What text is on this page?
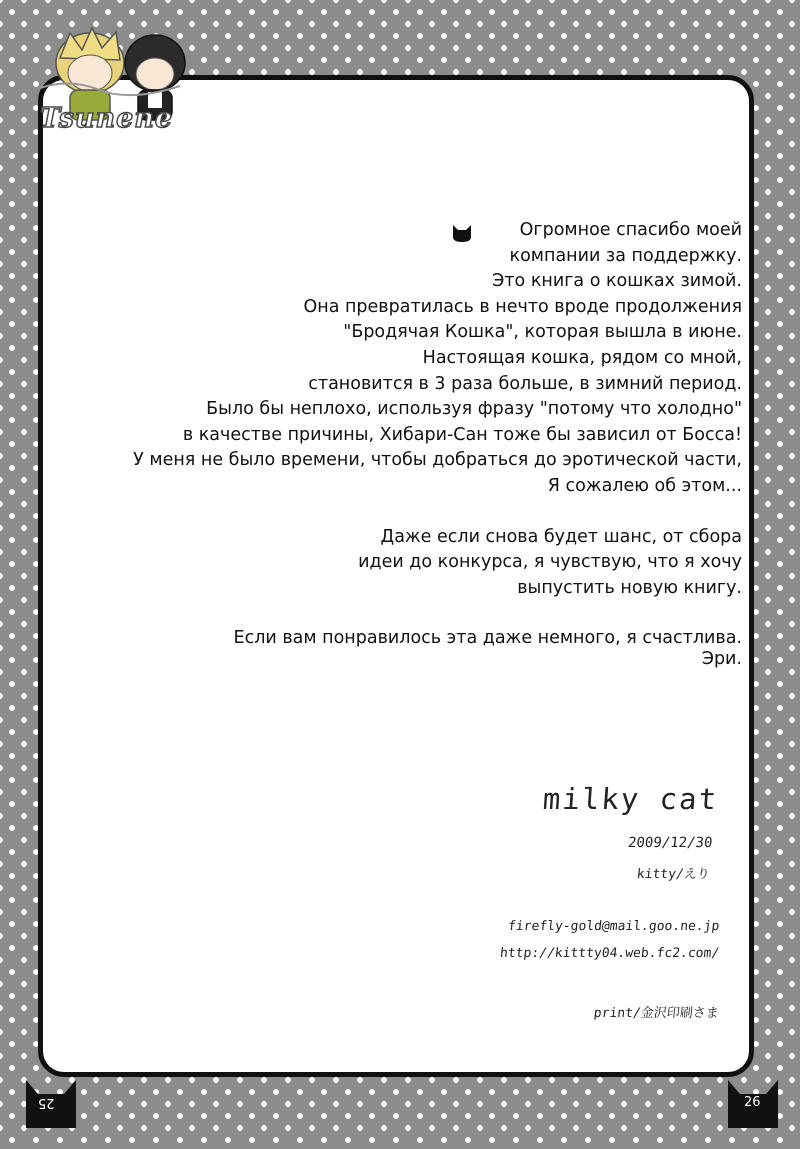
Tsunene
Огромное спасибо моей
компании за поддержку.
Это книга о кошках зимой.
Она превратилась в нечто вроде продолжения
"Бродячая Кошка", которая вышла в июне.
Настоящая кошка, рядом со мной,
становится в 3 раза больше, в зимний период.
Было бы неплохо, используя фразу "потому что холодно"
в качестве причины, Хибари-Сан тоже бы зависил от Босса!
У меня не было времени, чтобы добраться до эротической части,
Я сожалею об этом...
Даже если снова будет шанс, от сбора
идеи до конкурса, я чувствую, что я хочу
выпустить новую книгу.
Если вам понравилось эта даже немного, я счастлива.
Эри.
milky cat
2009/12/30
kitty/えり
firefly-gold@mail.goo.ne.jp
http://kittty04.web.fc2.com/
print/金沢印刷さま
25	26
